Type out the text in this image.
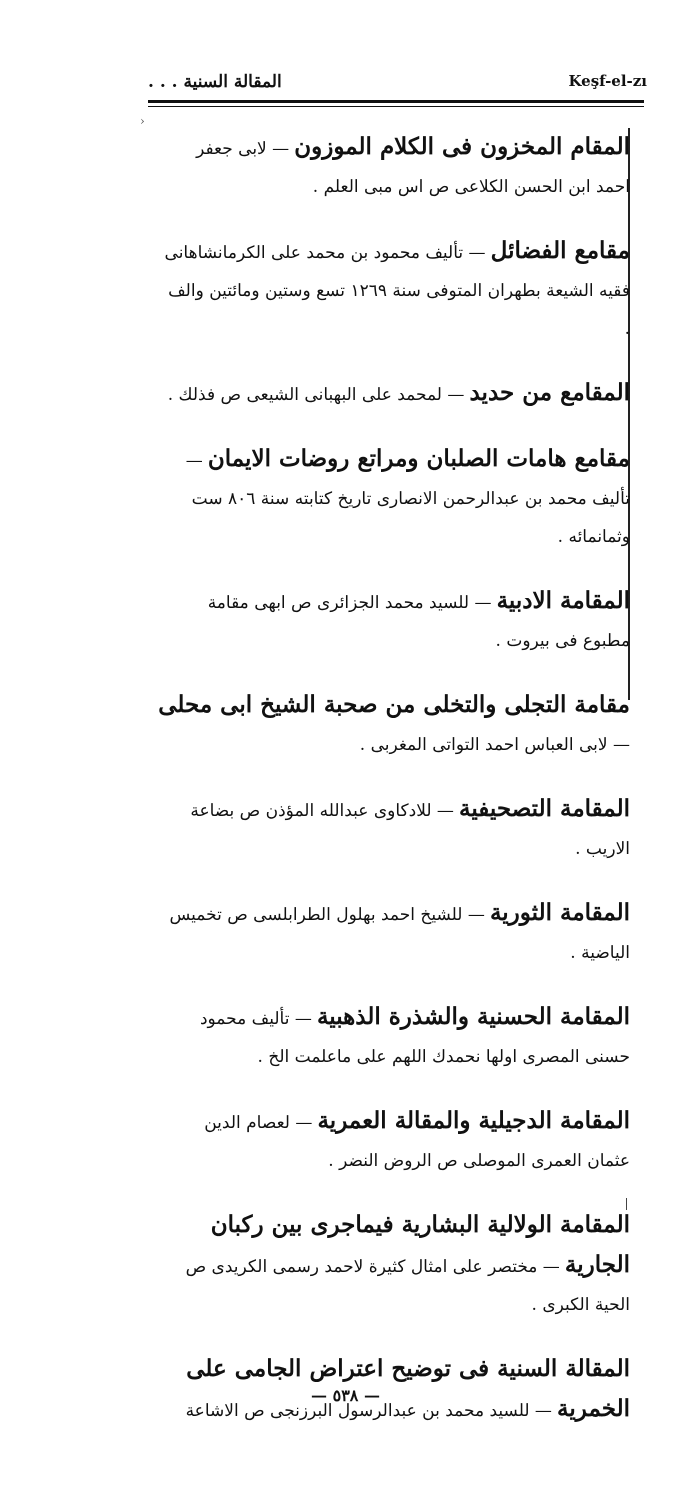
المقالة السنية . . .	Keşf-el-zı
›
المقام المخزون فى الكلام الموزون — لابى جعفر احمد ابن الحسن الكلاعى ص اس مبى العلم .
مقامع الفضائل — تأليف محمود بن محمد على الكرمانشاهانى فقيه الشيعة بطهران المتوفى سنة ١٢٦٩ تسع وستين ومائتين والف .
المقامع من حديد — لمحمد على البهبانى الشيعى ص فذلك .
مقامع هامات الصلبان ومراتع روضات الايمان — تأليف محمد بن عبدالرحمن الانصارى تاريخ كتابته سنة ٨٠٦ ست وثمانمائه .
المقامة الادبية — للسيد محمد الجزائرى ص ابهى مقامة مطبوع فى بيروت .
مقامة التجلى والتخلى من صحبة الشيخ ابى محلى — لابى العباس احمد التواتى المغربى .
المقامة التصحيفية — للادكاوى عبدالله المؤذن ص بضاعة الاريب .
المقامة الثورية — للشيخ احمد بهلول الطرابلسى ص تخميس الياضية .
المقامة الحسنية والشذرة الذهبية — تأليف محمود حسنى المصرى اولها نحمدك اللهم على ماعلمت الخ .
المقامة الدجيلية والمقالة العمرية — لعصام الدين عثمان العمرى الموصلى ص الروض النضر .
المقامة الولالية البشارية فيماجرى بين ركبان الجارية — مختصر على امثال كثيرة لاحمد رسمى الكريدى ص الحية الكبرى .
المقالة السنية فى توضيح اعتراض الجامى على الخمرية — للسيد محمد بن عبدالرسول البرزنجى ص الاشاعة
— ٥٣٨ —
